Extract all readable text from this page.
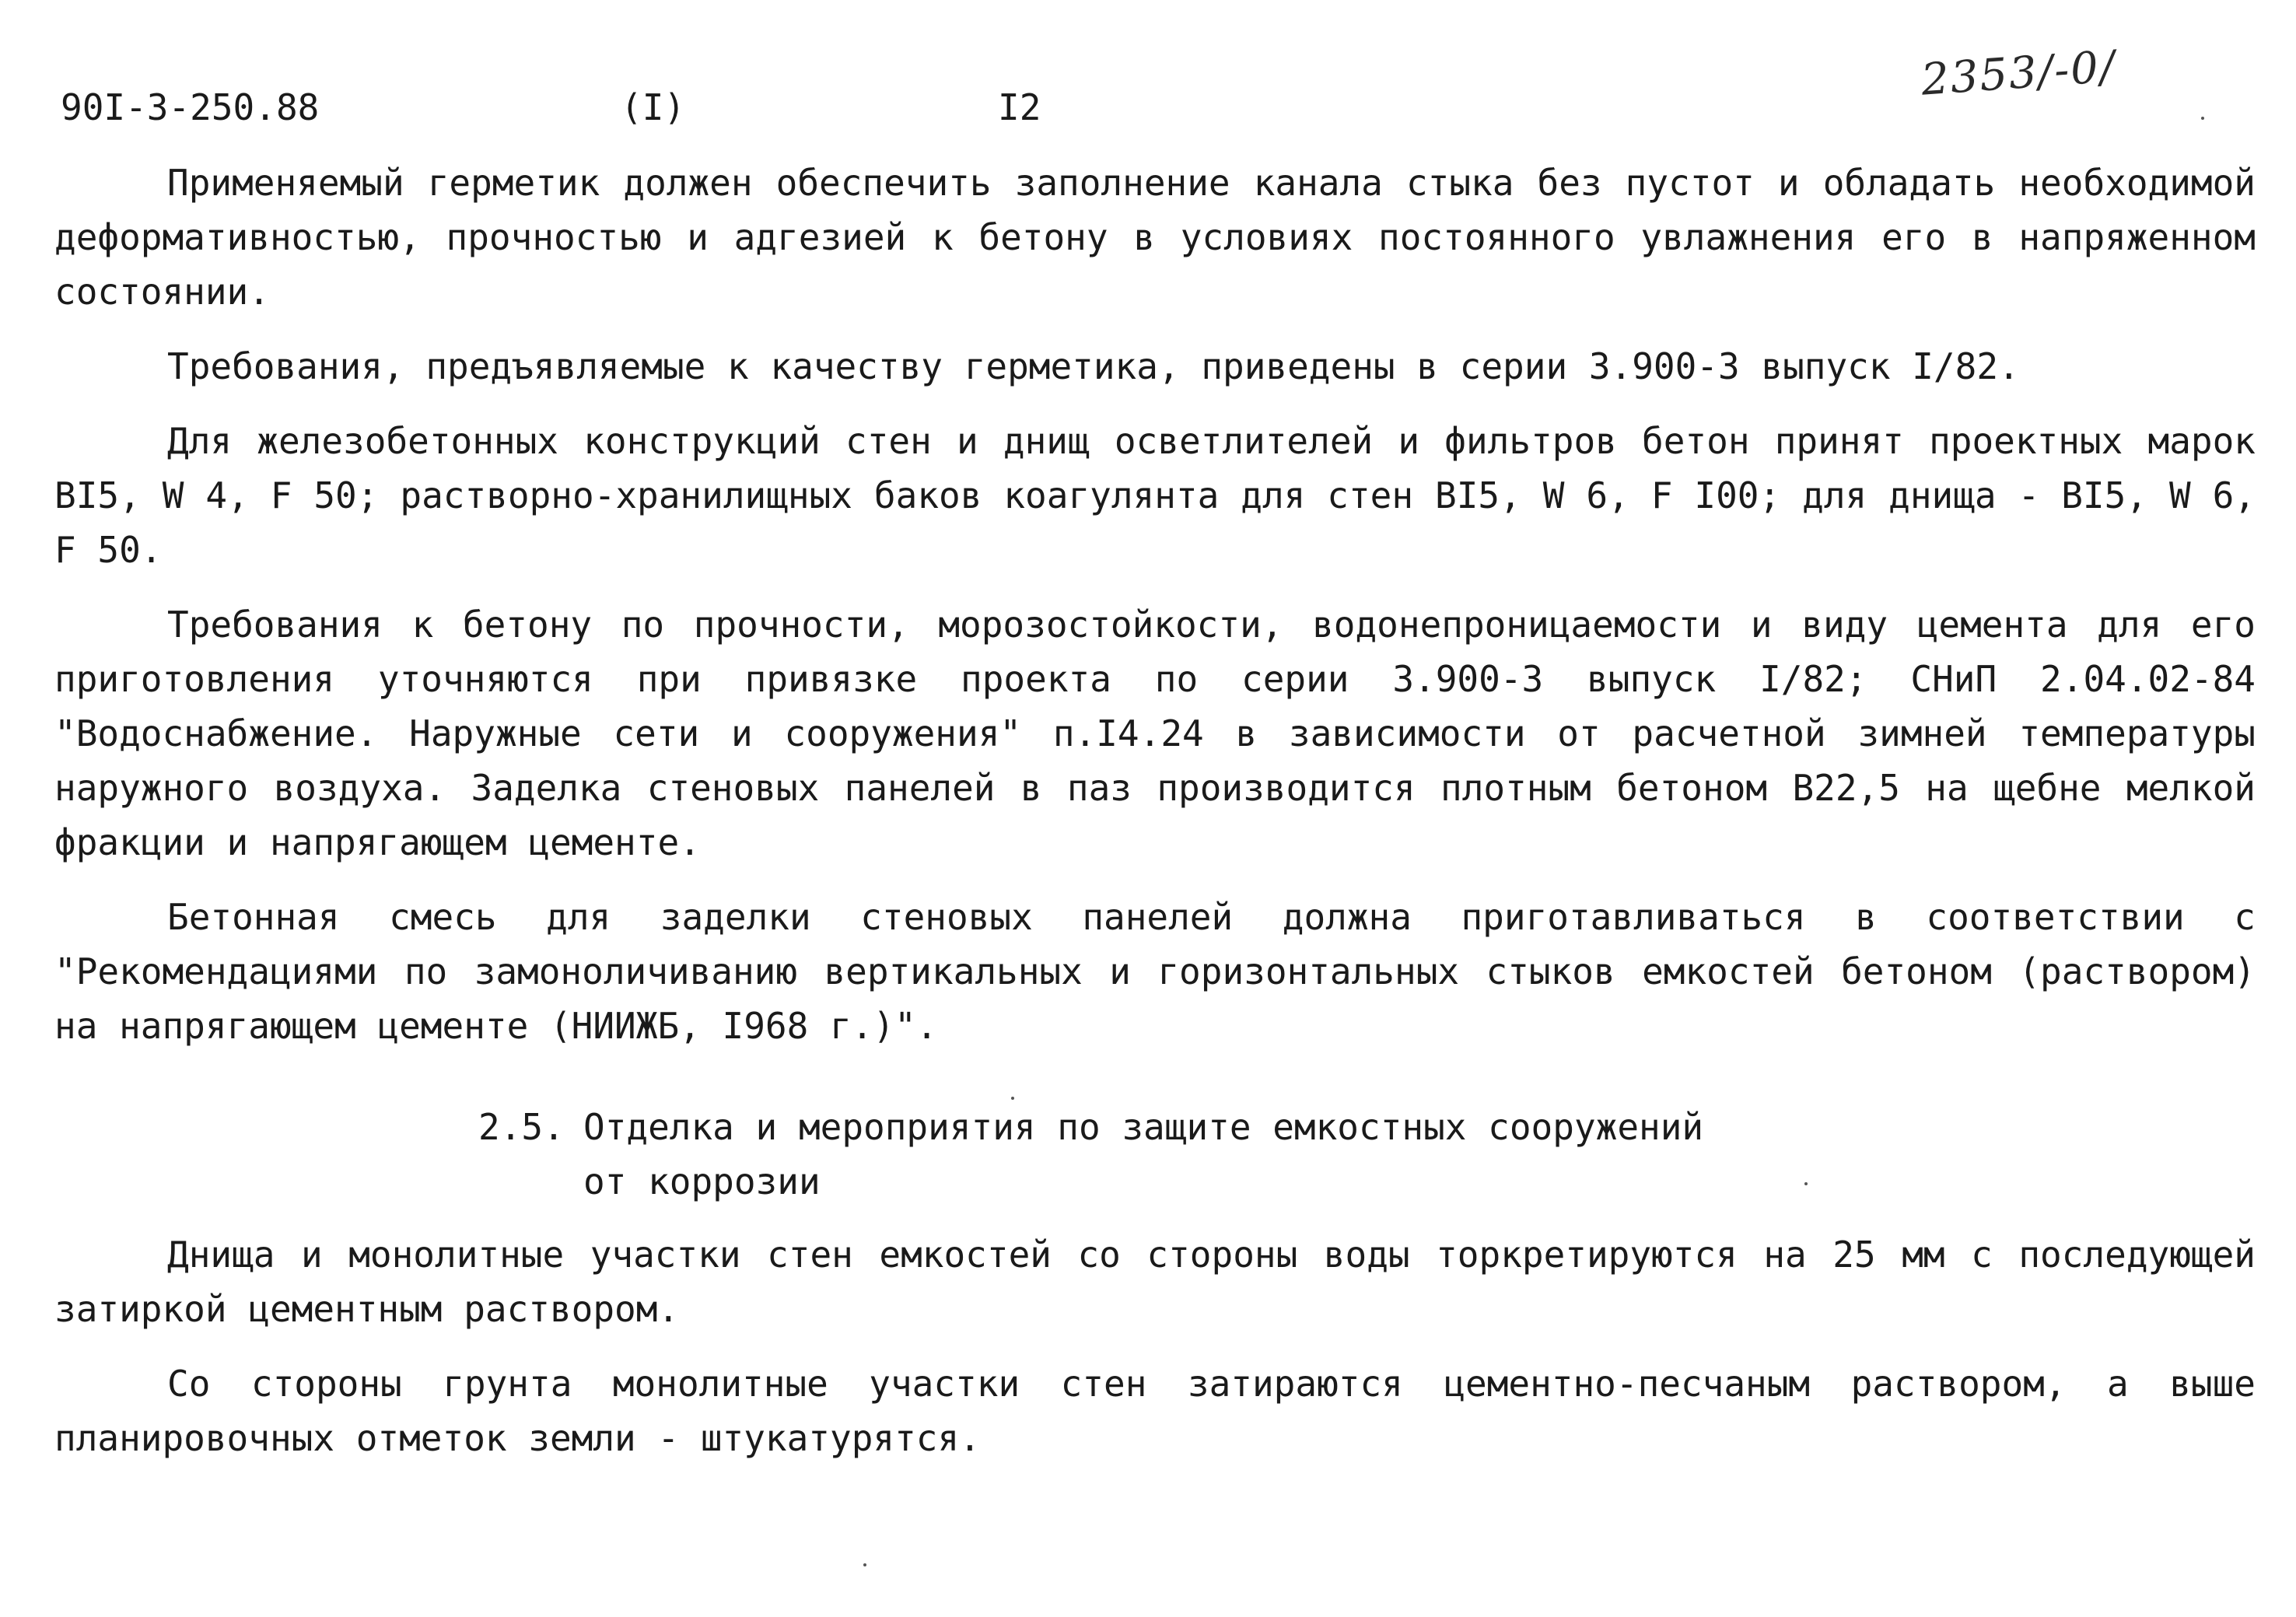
90I-3-250.88	(I)	I2
2353/-0/

Применяемый герметик должен обеспечить заполнение канала стыка без пустот и обладать необходимой деформативностью, прочностью и адгезией к бетону в условиях постоянного увлажнения его в напряженном состоянии.

Требования, предъявляемые к качеству герметика, приведены в серии 3.900-3 выпуск I/82.

Для железобетонных конструкций стен и днищ осветлителей и фильтров бетон принят проектных марок BI5, W 4, F 50; растворно-хранилищных баков коагулянта для стен BI5, W 6, F I00; для днища - BI5, W 6, F 50.

Требования к бетону по прочности, морозостойкости, водонепроницаемости и виду цемента для его приготовления уточняются при привязке проекта по серии 3.900-3 выпуск I/82; СНиП 2.04.02-84 "Водоснабжение. Наружные сети и сооружения" п.I4.24 в зависимости от расчетной зимней температуры наружного воздуха. Заделка стеновых панелей в паз производится плотным бетоном B22,5 на щебне мелкой фракции и напрягающем цементе.

Бетонная смесь для заделки стеновых панелей должна приготавливаться в соответствии с "Рекомендациями по замоноличиванию вертикальных и горизонтальных стыков емкостей бетоном (раствором) на напрягающем цементе (НИИЖБ, I968 г.)".

2.5. Отделка и мероприятия по защите емкостных сооружений
от коррозии

Днища и монолитные участки стен емкостей со стороны воды торкретируются на 25 мм с последующей затиркой цементным раствором.

Со стороны грунта монолитные участки стен затираются цементно-песчаным раствором, а выше планировочных отметок земли - штукатурятся.
